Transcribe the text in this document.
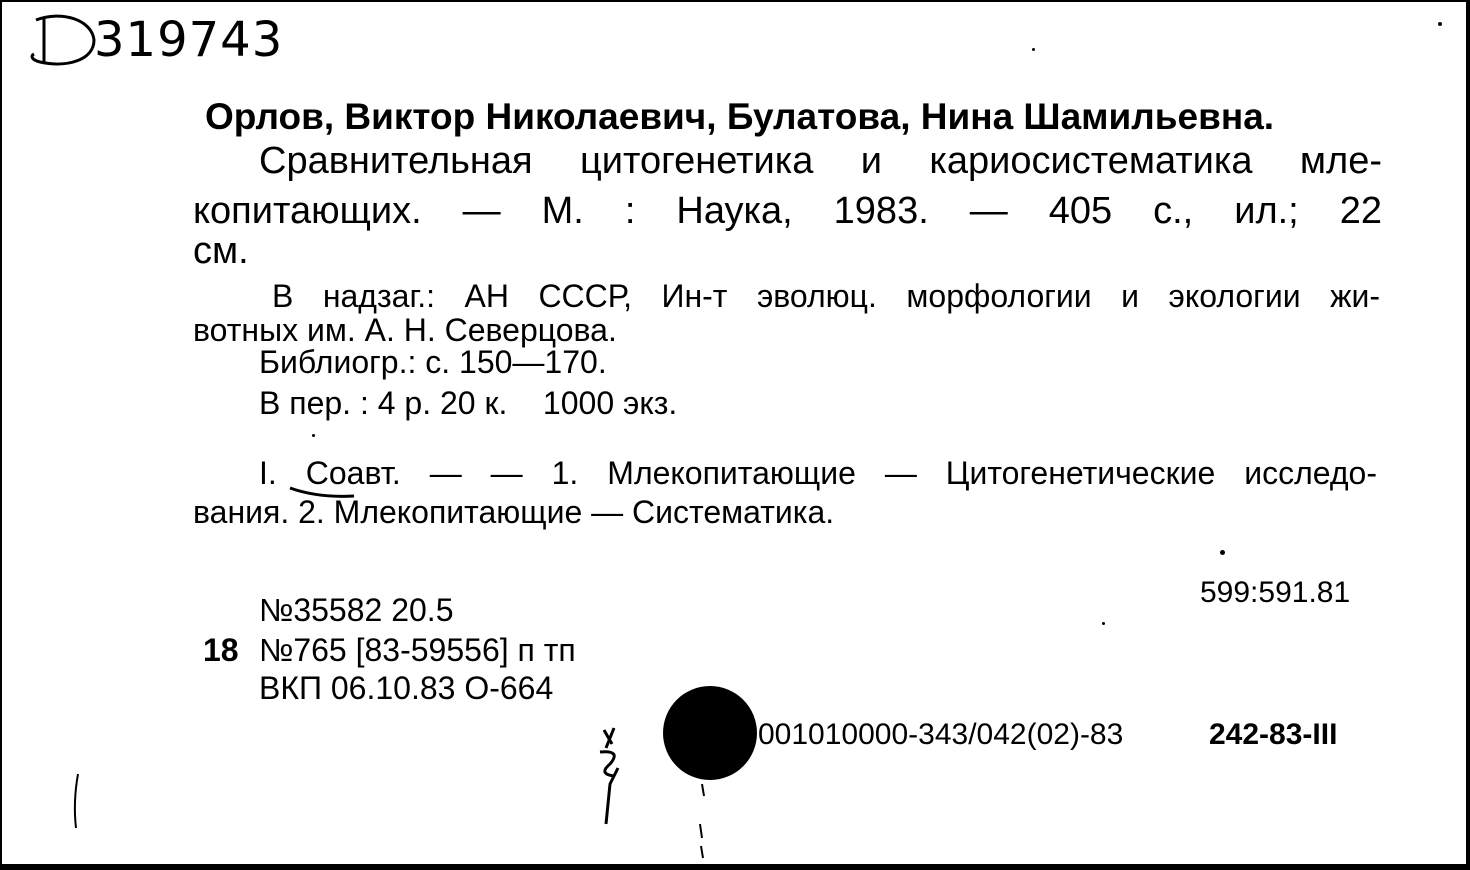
319743
Орлов, Виктор Николаевич, Булатова, Нина Шамильевна.
Сравнительная цитогенетика и кариосистематика мле-
копитающих. — М. : Наука, 1983. — 405 с., ил.; 22
см.
В надзаг.: АН СССР, Ин-т эволюц. морфологии и экологии жи-
вотных им. А. Н. Северцова.
Библиогр.: с. 150—170.
В пер. : 4 р. 20 к.    1000 экз.
I. Соавт. — — 1. Млекопитающие — Цитогенетические исследо-
вания. 2. Млекопитающие — Систематика.
599:591.81
№35582 20.5
18 №765 [83-59556] п тп
ВКП 06.10.83 О-664
001010000-343/042(02)-83	242-83-III
